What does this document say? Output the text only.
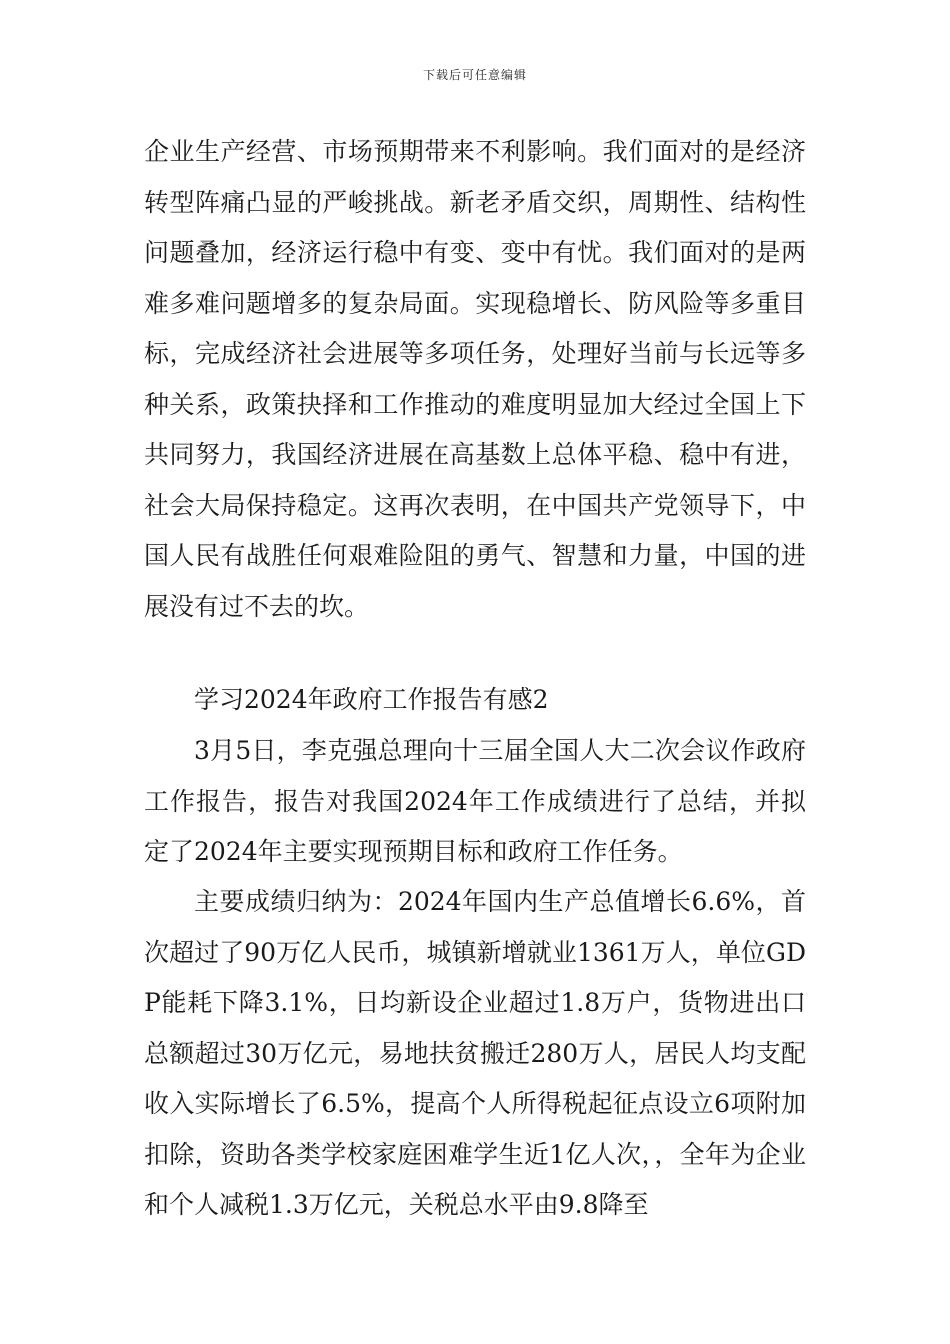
下载后可任意编辑

企业生产经营、市场预期带来不利影响。我们面对的是经济转型阵痛凸显的严峻挑战。新老矛盾交织，周期性、结构性问题叠加，经济运行稳中有变、变中有忧。我们面对的是两难多难问题增多的复杂局面。实现稳增长、防风险等多重目标，完成经济社会进展等多项任务，处理好当前与长远等多种关系，政策抉择和工作推动的难度明显加大经过全国上下共同努力，我国经济进展在高基数上总体平稳、稳中有进，社会大局保持稳定。这再次表明，在中国共产党领导下，中国人民有战胜任何艰难险阻的勇气、智慧和力量，中国的进展没有过不去的坎。

学习2024年政府工作报告有感2

3月5日，李克强总理向十三届全国人大二次会议作政府工作报告，报告对我国2024年工作成绩进行了总结，并拟定了2024年主要实现预期目标和政府工作任务。

主要成绩归纳为：2024年国内生产总值增长6.6%，首次超过了90万亿人民币，城镇新增就业1361万人，单位GDP能耗下降3.1%，日均新设企业超过1.8万户，货物进出口总额超过30万亿元，易地扶贫搬迁280万人，居民人均支配收入实际增长了6.5%，提高个人所得税起征点设立6项附加扣除，资助各类学校家庭困难学生近1亿人次，，全年为企业和个人减税1.3万亿元，关税总水平由9.8降至
